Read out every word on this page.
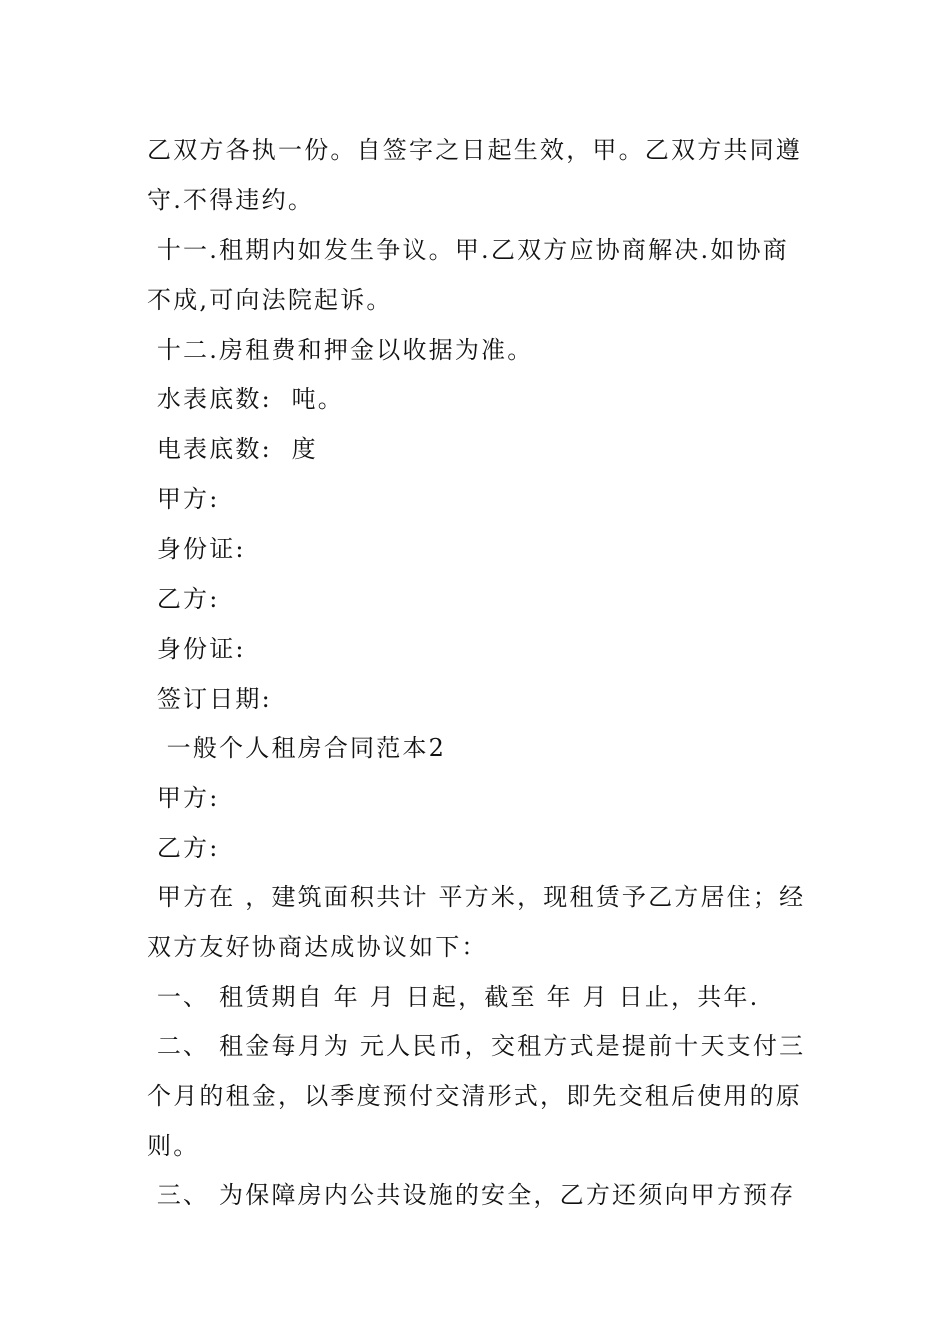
乙双方各执一份。自签字之日起生效，甲。乙双方共同遵
守.不得违约。
十一.租期内如发生争议。甲.乙双方应协商解决.如协商
不成,可向法院起诉。
十二.房租费和押金以收据为准。
水表底数:  吨。
电表底数:  度
甲方:
身份证:
乙方:
身份证:
签订日期:
一般个人租房合同范本2
甲方:
乙方:
甲方在 ，建筑面积共计 平方米，现租赁予乙方居住；经
双方友好协商达成协议如下：
一、 租赁期自 年 月 日起，截至 年 月 日止，共年.
二、 租金每月为 元人民币，交租方式是提前十天支付三
个月的租金，以季度预付交清形式，即先交租后使用的原
则。
三、 为保障房内公共设施的安全，乙方还须向甲方预存
